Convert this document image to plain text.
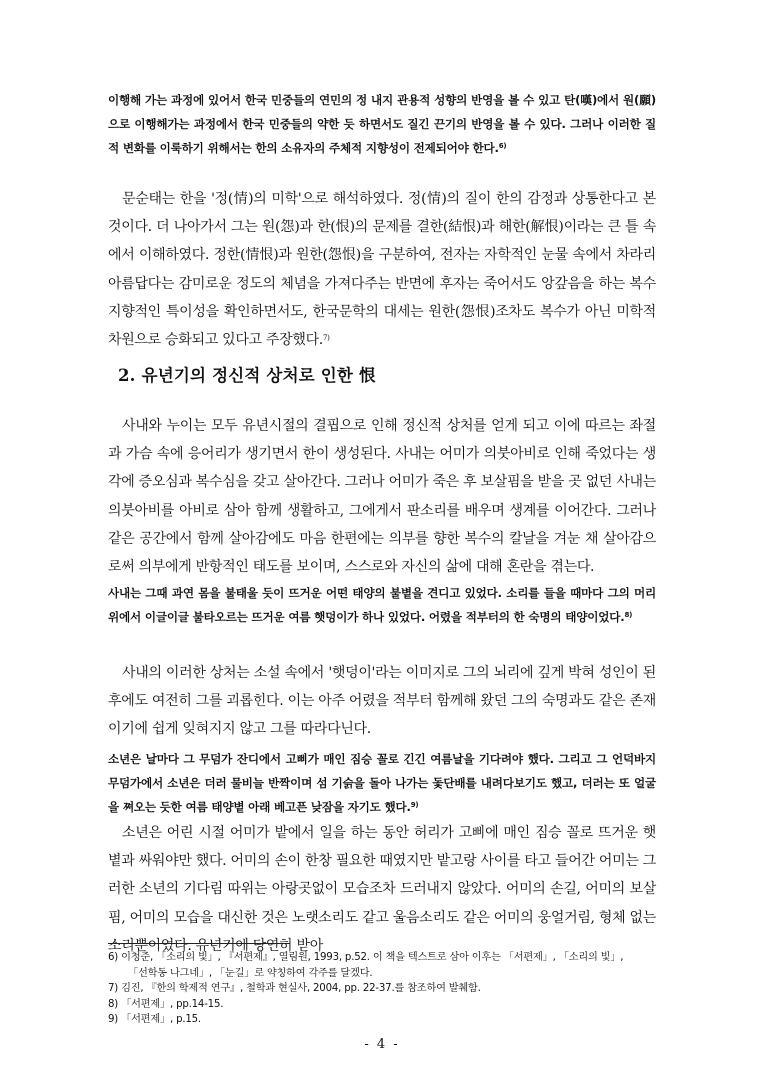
이행해 가는 과정에 있어서 한국 민중들의 연민의 정 내지 관용적 성향의 반영을 볼 수 있고 탄(嘆)에서 원(願)으로 이행해가는 과정에서 한국 민중들의 약한 듯 하면서도 질긴 끈기의 반영을 볼 수 있다. 그러나 이러한 질적 변화를 이룩하기 위해서는 한의 소유자의 주체적 지향성이 전제되어야 한다.$^{6)}$
문순태는 한을 '정(情)의 미학'으로 해석하였다. 정(情)의 질이 한의 감정과 상통한다고 본 것이다. 더 나아가서 그는 원(怨)과 한(恨)의 문제를 결한(結恨)과 해한(解恨)이라는 큰 틀 속에서 이해하였다. 정한(情恨)과 원한(怨恨)을 구분하여, 전자는 자학적인 눈물 속에서 차라리 아름답다는 감미로운 정도의 체념을 가져다주는 반면에 후자는 죽어서도 앙갚음을 하는 복수지향적인 특이성을 확인하면서도, 한국문학의 대세는 원한(怨恨)조차도 복수가 아닌 미학적 차원으로 승화되고 있다고 주장했다.$^{7)}$
2. 유년기의 정신적 상처로 인한 恨
사내와 누이는 모두 유년시절의 결핍으로 인해 정신적 상처를 얻게 되고 이에 따르는 좌절과 가슴 속에 응어리가 생기면서 한이 생성된다. 사내는 어미가 의붓아비로 인해 죽었다는 생각에 증오심과 복수심을 갖고 살아간다. 그러나 어미가 죽은 후 보살핌을 받을 곳 없던 사내는 의붓아비를 아비로 삼아 함께 생활하고, 그에게서 판소리를 배우며 생계를 이어간다. 그러나 같은 공간에서 함께 살아감에도 마음 한편에는 의부를 향한 복수의 칼날을 겨눈 채 살아감으로써 의부에게 반항적인 태도를 보이며, 스스로와 자신의 삶에 대해 혼란을 겪는다.
사내는 그때 과연 몸을 불태울 듯이 뜨거운 어떤 태양의 불볕을 견디고 있었다. 소리를 들을 때마다 그의 머리 위에서 이글이글 불타오르는 뜨거운 여름 햇덩이가 하나 있었다. 어렸을 적부터의 한 숙명의 태양이었다.$^{8)}$
사내의 이러한 상처는 소설 속에서 '햇덩이'라는 이미지로 그의 뇌리에 깊게 박혀 성인이 된 후에도 여전히 그를 괴롭힌다. 이는 아주 어렸을 적부터 함께해 왔던 그의 숙명과도 같은 존재이기에 쉽게 잊혀지지 않고 그를 따라다닌다.
소년은 날마다 그 무덤가 잔디에서 고삐가 매인 짐승 꼴로 긴긴 여름날을 기다려야 했다. 그리고 그 언덕바지 무덤가에서 소년은 더러 물비늘 반짝이며 섬 기슭을 돌아 나가는 돛단배를 내려다보기도 했고, 더러는 또 얼굴을 쪄오는 듯한 여름 태양볕 아래 베고픈 낮잠을 자기도 했다.$^{9)}$
소년은 어린 시절 어미가 밭에서 일을 하는 동안 허리가 고삐에 매인 짐승 꼴로 뜨거운 햇볕과 싸워야만 했다. 어미의 손이 한창 필요한 때였지만 밭고랑 사이를 타고 들어간 어미는 그러한 소년의 기다림 따위는 아랑곳없이 모습조차 드러내지 않았다. 어미의 손길, 어미의 보살핌, 어미의 모습을 대신한 것은 노랫소리도 같고 울음소리도 같은 어미의 웅얼거림, 형체 없는 소리뿐이었다. 유년기에 당연히 받아

6) 이청준, 「소리의 빛」, 『서편제』, 열림원, 1993, p.52. 이 책을 텍스트로 삼아 이후는 「서편제」, 「소리의 빛」,

「선학동 나그네」, 「눈길」로 약칭하여 각주를 달겠다.

7) 김진, 『한의 학제적 연구』, 철학과 현실사, 2004, pp. 22-37.를 참조하여 발췌함.

8) 「서편제」, pp.14-15.

9) 「서편제」, p.15.

- 4 -
